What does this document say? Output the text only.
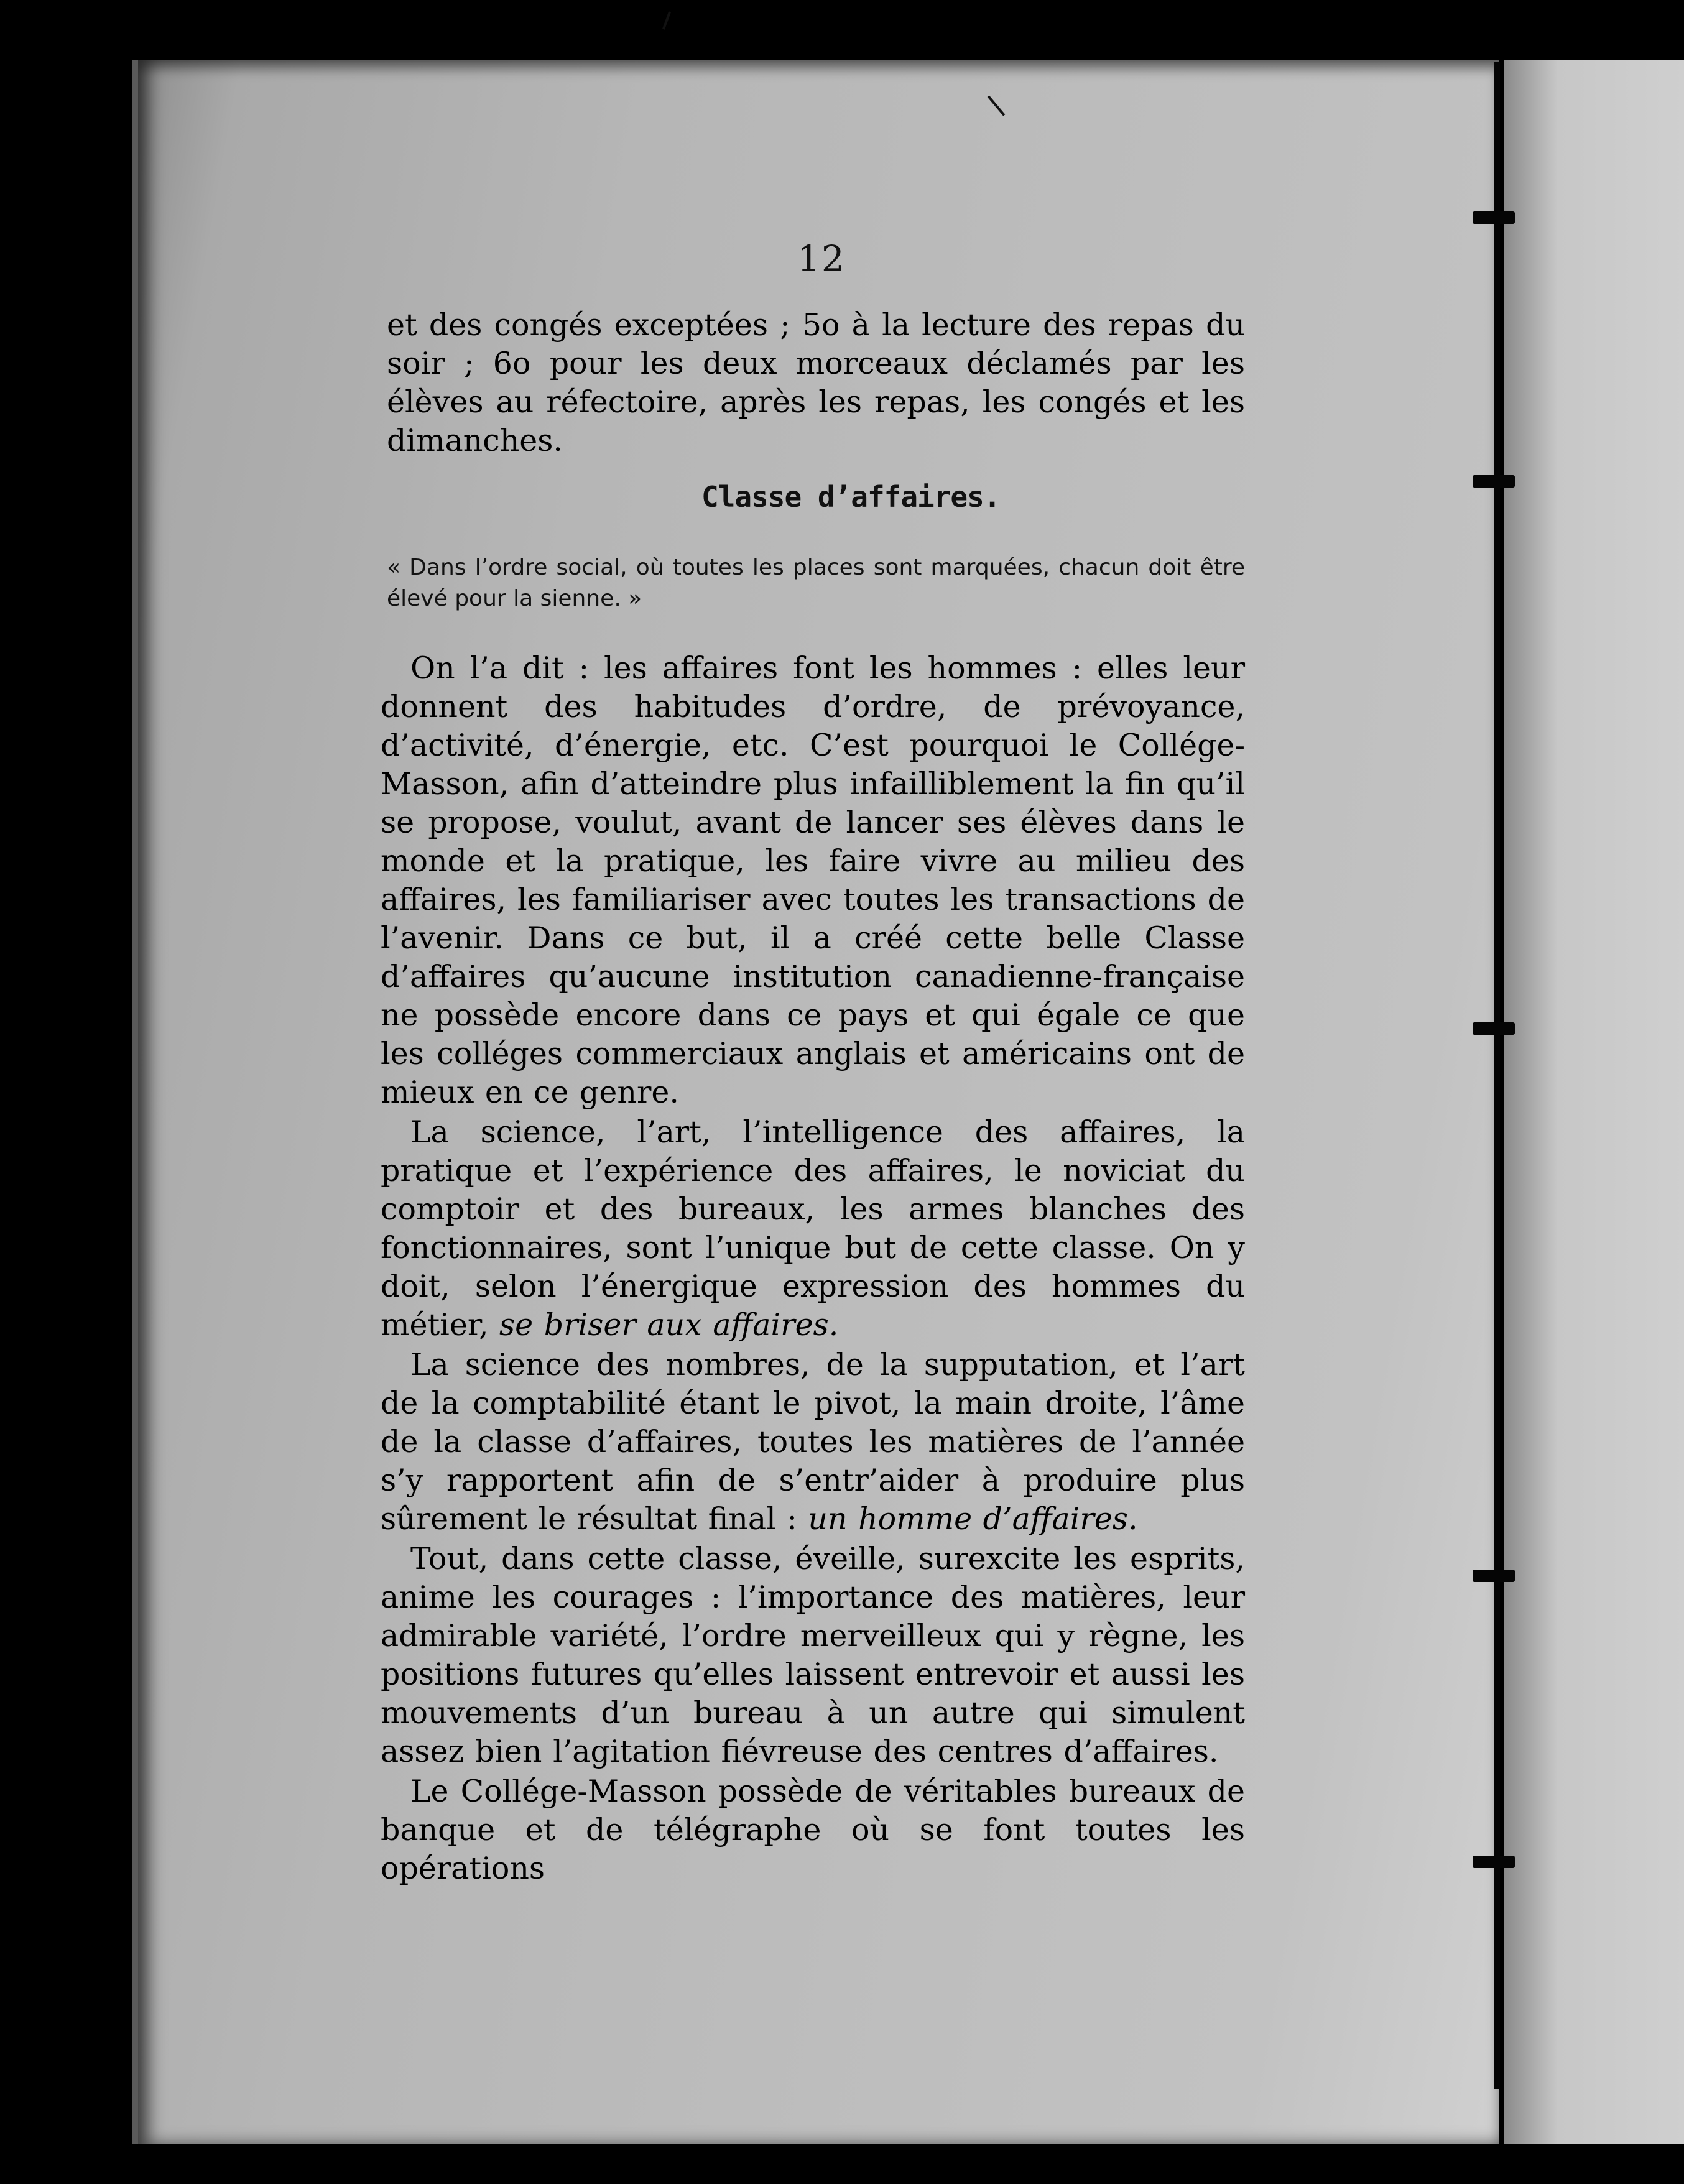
12

et des congés exceptées ; 5o à la lecture des repas du soir ; 6o pour les deux morceaux déclamés par les élèves au réfectoire, après les repas, les congés et les dimanches.

Classe d’affaires.
« Dans l’ordre social, où toutes les places sont marquées, chacun doit être élevé pour la sienne. »

On l’a dit : les affaires font les hommes : elles leur donnent des habitudes d’ordre, de prévoyance, d’activité, d’énergie, etc. C’est pourquoi le Collége-Masson, afin d’atteindre plus infailliblement la fin qu’il se propose, voulut, avant de lancer ses élèves dans le monde et la pratique, les faire vivre au milieu des affaires, les familiariser avec toutes les transactions de l’avenir. Dans ce but, il a créé cette belle Classe d’affaires qu’aucune institution canadienne-française ne possède encore dans ce pays et qui égale ce que les colléges commerciaux anglais et américains ont de mieux en ce genre.

La science, l’art, l’intelligence des affaires, la pratique et l’expérience des affaires, le noviciat du comptoir et des bureaux, les armes blanches des fonctionnaires, sont l’unique but de cette classe. On y doit, selon l’énergique expression des hommes du métier, se briser aux affaires.

La science des nombres, de la supputation, et l’art de la comptabilité étant le pivot, la main droite, l’âme de la classe d’affaires, toutes les matières de l’année s’y rapportent afin de s’entr’aider à produire plus sûrement le résultat final : un homme d’affaires.

Tout, dans cette classe, éveille, surexcite les esprits, anime les courages : l’importance des matières, leur admirable variété, l’ordre merveilleux qui y règne, les positions futures qu’elles laissent entrevoir et aussi les mouvements d’un bureau à un autre qui simulent assez bien l’agitation fiévreuse des centres d’affaires.

Le Collége-Masson possède de véritables bureaux de banque et de télégraphe où se font toutes les opérations
